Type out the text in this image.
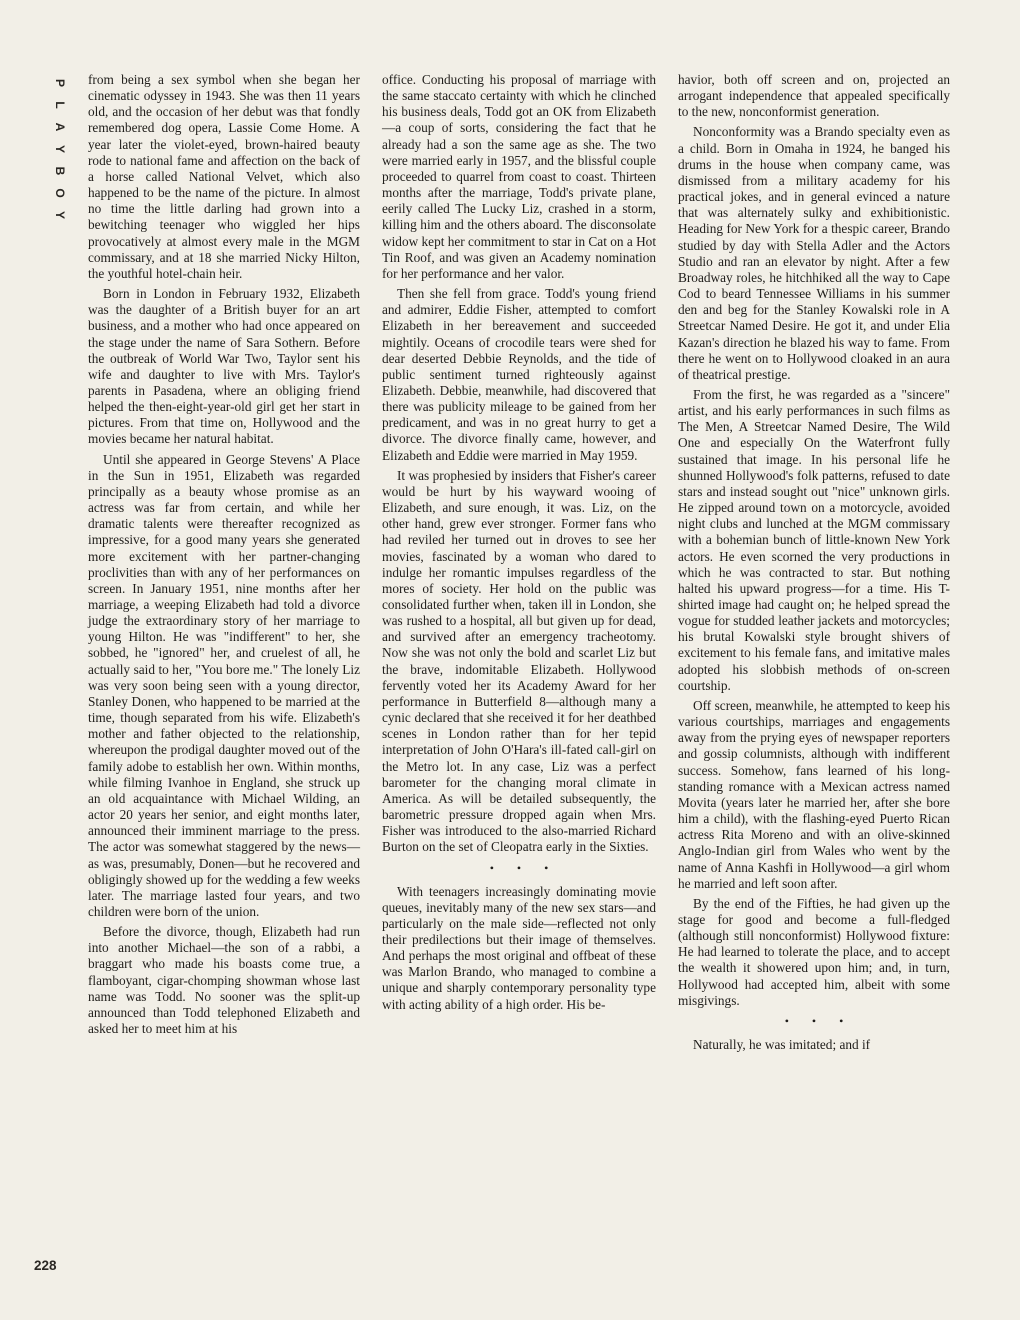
P
L
A
Y
B
O
Y

from being a sex symbol when she began her cinematic odyssey in 1943. She was then 11 years old, and the occasion of her debut was that fondly remembered dog opera, Lassie Come Home. A year later the violet-eyed, brown-haired beauty rode to national fame and affection on the back of a horse called National Velvet, which also happened to be the name of the picture. In almost no time the little darling had grown into a bewitching teenager who wiggled her hips provocatively at almost every male in the MGM commissary, and at 18 she married Nicky Hilton, the youthful hotel-chain heir.

Born in London in February 1932, Elizabeth was the daughter of a British buyer for an art business, and a mother who had once appeared on the stage under the name of Sara Sothern. Before the outbreak of World War Two, Taylor sent his wife and daughter to live with Mrs. Taylor's parents in Pasadena, where an obliging friend helped the then-eight-year-old girl get her start in pictures. From that time on, Hollywood and the movies became her natural habitat.

Until she appeared in George Stevens' A Place in the Sun in 1951, Elizabeth was regarded principally as a beauty whose promise as an actress was far from certain, and while her dramatic talents were thereafter recognized as impressive, for a good many years she generated more excitement with her partner-changing proclivities than with any of her performances on screen. In January 1951, nine months after her marriage, a weeping Elizabeth had told a divorce judge the extraordinary story of her marriage to young Hilton. He was "indifferent" to her, she sobbed, he "ignored" her, and cruelest of all, he actually said to her, "You bore me." The lonely Liz was very soon being seen with a young director, Stanley Donen, who happened to be married at the time, though separated from his wife. Elizabeth's mother and father objected to the relationship, whereupon the prodigal daughter moved out of the family adobe to establish her own. Within months, while filming Ivanhoe in England, she struck up an old acquaintance with Michael Wilding, an actor 20 years her senior, and eight months later, announced their imminent marriage to the press. The actor was somewhat staggered by the news—as was, presumably, Donen—but he recovered and obligingly showed up for the wedding a few weeks later. The marriage lasted four years, and two children were born of the union.

Before the divorce, though, Elizabeth had run into another Michael—the son of a rabbi, a braggart who made his boasts come true, a flamboyant, cigar-chomping showman whose last name was Todd. No sooner was the split-up announced than Todd telephoned Elizabeth and asked her to meet him at his

office. Conducting his proposal of marriage with the same staccato certainty with which he clinched his business deals, Todd got an OK from Elizabeth—a coup of sorts, considering the fact that he already had a son the same age as she. The two were married early in 1957, and the blissful couple proceeded to quarrel from coast to coast. Thirteen months after the marriage, Todd's private plane, eerily called The Lucky Liz, crashed in a storm, killing him and the others aboard. The disconsolate widow kept her commitment to star in Cat on a Hot Tin Roof, and was given an Academy nomination for her performance and her valor.

Then she fell from grace. Todd's young friend and admirer, Eddie Fisher, attempted to comfort Elizabeth in her bereavement and succeeded mightily. Oceans of crocodile tears were shed for dear deserted Debbie Reynolds, and the tide of public sentiment turned righteously against Elizabeth. Debbie, meanwhile, had discovered that there was publicity mileage to be gained from her predicament, and was in no great hurry to get a divorce. The divorce finally came, however, and Elizabeth and Eddie were married in May 1959.

It was prophesied by insiders that Fisher's career would be hurt by his wayward wooing of Elizabeth, and sure enough, it was. Liz, on the other hand, grew ever stronger. Former fans who had reviled her turned out in droves to see her movies, fascinated by a woman who dared to indulge her romantic impulses regardless of the mores of society. Her hold on the public was consolidated further when, taken ill in London, she was rushed to a hospital, all but given up for dead, and survived after an emergency tracheotomy. Now she was not only the bold and scarlet Liz but the brave, indomitable Elizabeth. Hollywood fervently voted her its Academy Award for her performance in Butterfield 8—although many a cynic declared that she received it for her deathbed scenes in London rather than for her tepid interpretation of John O'Hara's ill-fated call-girl on the Metro lot. In any case, Liz was a perfect barometer for the changing moral climate in America. As will be detailed subsequently, the barometric pressure dropped again when Mrs. Fisher was introduced to the also-married Richard Burton on the set of Cleopatra early in the Sixties.

• • •

With teenagers increasingly dominating movie queues, inevitably many of the new sex stars—and particularly on the male side—reflected not only their predilections but their image of themselves. And perhaps the most original and offbeat of these was Marlon Brando, who managed to combine a unique and sharply contemporary personality type with acting ability of a high order. His be-

havior, both off screen and on, projected an arrogant independence that appealed specifically to the new, nonconformist generation.

Nonconformity was a Brando specialty even as a child. Born in Omaha in 1924, he banged his drums in the house when company came, was dismissed from a military academy for his practical jokes, and in general evinced a nature that was alternately sulky and exhibitionistic. Heading for New York for a thespic career, Brando studied by day with Stella Adler and the Actors Studio and ran an elevator by night. After a few Broadway roles, he hitchhiked all the way to Cape Cod to beard Tennessee Williams in his summer den and beg for the Stanley Kowalski role in A Streetcar Named Desire. He got it, and under Elia Kazan's direction he blazed his way to fame. From there he went on to Hollywood cloaked in an aura of theatrical prestige.

From the first, he was regarded as a "sincere" artist, and his early performances in such films as The Men, A Streetcar Named Desire, The Wild One and especially On the Waterfront fully sustained that image. In his personal life he shunned Hollywood's folk patterns, refused to date stars and instead sought out "nice" unknown girls. He zipped around town on a motorcycle, avoided night clubs and lunched at the MGM commissary with a bohemian bunch of little-known New York actors. He even scorned the very productions in which he was contracted to star. But nothing halted his upward progress—for a time. His T-shirted image had caught on; he helped spread the vogue for studded leather jackets and motorcycles; his brutal Kowalski style brought shivers of excitement to his female fans, and imitative males adopted his slobbish methods of on-screen courtship.

Off screen, meanwhile, he attempted to keep his various courtships, marriages and engagements away from the prying eyes of newspaper reporters and gossip columnists, although with indifferent success. Somehow, fans learned of his long-standing romance with a Mexican actress named Movita (years later he married her, after she bore him a child), with the flashing-eyed Puerto Rican actress Rita Moreno and with an olive-skinned Anglo-Indian girl from Wales who went by the name of Anna Kashfi in Hollywood—a girl whom he married and left soon after.

By the end of the Fifties, he had given up the stage for good and become a full-fledged (although still nonconformist) Hollywood fixture: He had learned to tolerate the place, and to accept the wealth it showered upon him; and, in turn, Hollywood had accepted him, albeit with some misgivings.

• • •

Naturally, he was imitated; and if

228
